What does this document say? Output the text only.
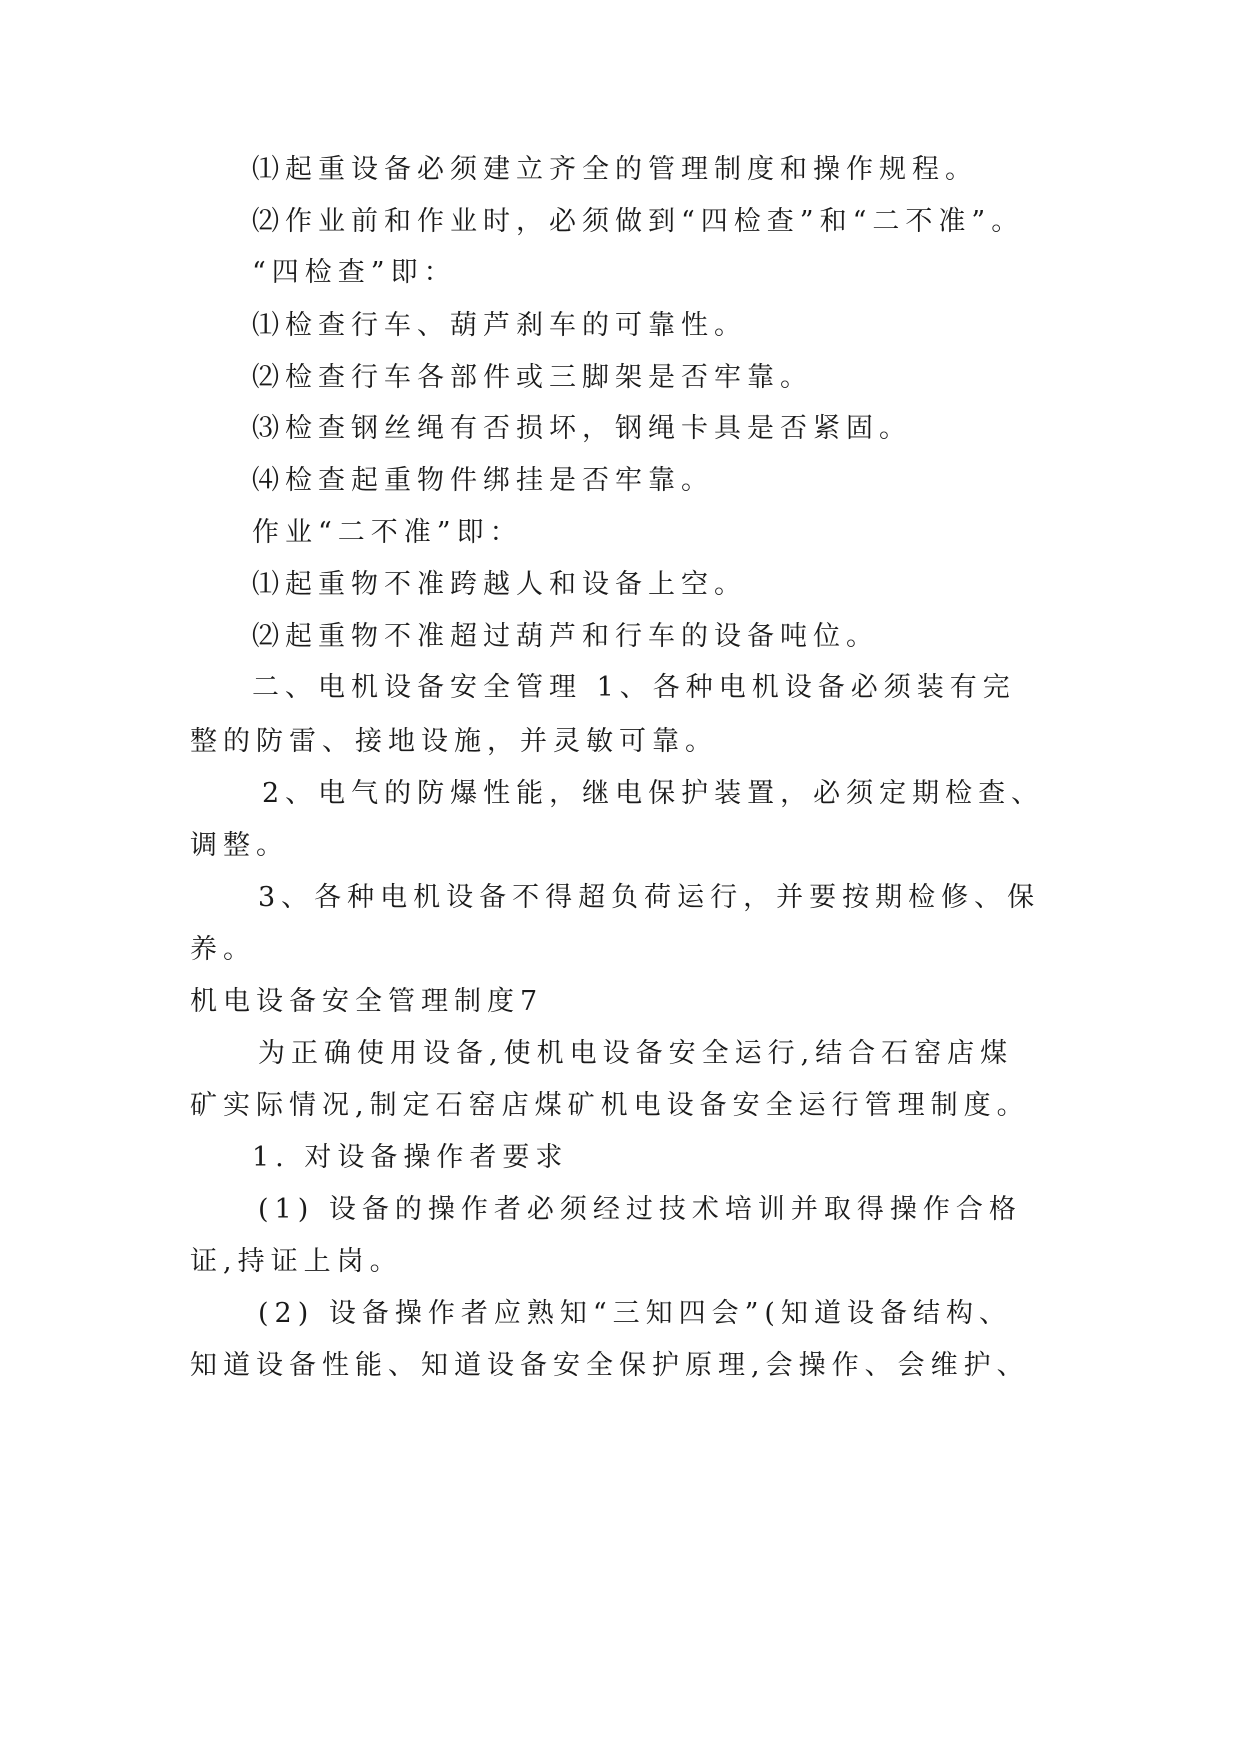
⑴起重设备必须建立齐全的管理制度和操作规程。
⑵作业前和作业时，必须做到“四检查”和“二不准”。
“四检查”即：
⑴检查行车、葫芦刹车的可靠性。
⑵检查行车各部件或三脚架是否牢靠。
⑶检查钢丝绳有否损坏，钢绳卡具是否紧固。
⑷检查起重物件绑挂是否牢靠。
作业“二不准”即：
⑴起重物不准跨越人和设备上空。
⑵起重物不准超过葫芦和行车的设备吨位。
二、电机设备安全管理 1、各种电机设备必须装有完
整的防雷、接地设施，并灵敏可靠。
2、电气的防爆性能，继电保护装置，必须定期检查、
调整。
3、各种电机设备不得超负荷运行，并要按期检修、保
养。
机电设备安全管理制度7
为正确使用设备,使机电设备安全运行,结合石窑店煤
矿实际情况,制定石窑店煤矿机电设备安全运行管理制度。
1. 对设备操作者要求
(1) 设备的操作者必须经过技术培训并取得操作合格
证,持证上岗。
(2) 设备操作者应熟知“三知四会”(知道设备结构、
知道设备性能、知道设备安全保护原理,会操作、会维护、
